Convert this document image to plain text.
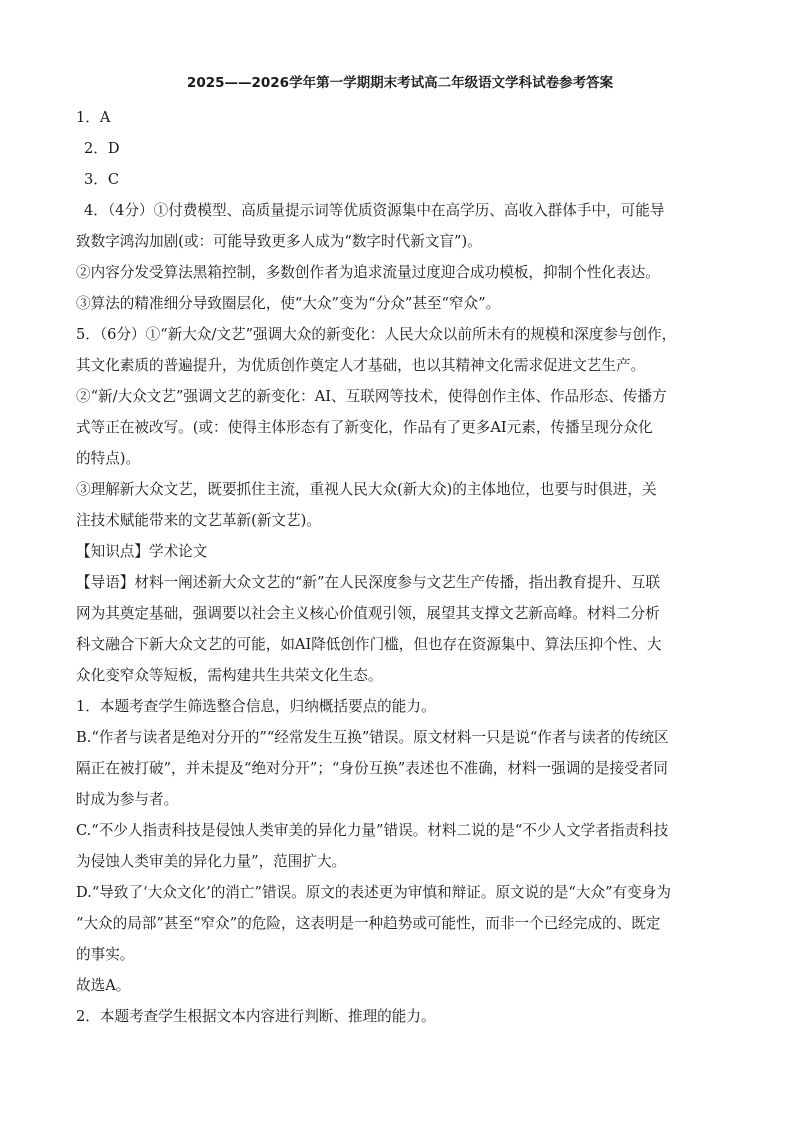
2025——2026学年第一学期期末考试高二年级语文学科试卷参考答案
1．A
2．D
3．C
4．（4分）①付费模型、高质量提示词等优质资源集中在高学历、高收入群体手中，可能导
致数字鸿沟加剧(或：可能导致更多人成为“数字时代新文盲”)。
②内容分发受算法黑箱控制，多数创作者为追求流量过度迎合成功模板，抑制个性化表达。
③算法的精准细分导致圈层化，使“大众”变为“分众”甚至“窄众”。
5．（6分）①“新大众/文艺”强调大众的新变化：人民大众以前所未有的规模和深度参与创作，
其文化素质的普遍提升，为优质创作奠定人才基础，也以其精神文化需求促进文艺生产。
②“新/大众文艺”强调文艺的新变化：AI、互联网等技术，使得创作主体、作品形态、传播方
式等正在被改写。(或：使得主体形态有了新变化，作品有了更多AI元素，传播呈现分众化
的特点)。
③理解新大众文艺，既要抓住主流，重视人民大众(新大众)的主体地位，也要与时俱进，关
注技术赋能带来的文艺革新(新文艺)。
【知识点】学术论文
【导语】材料一阐述新大众文艺的“新”在人民深度参与文艺生产传播，指出教育提升、互联
网为其奠定基础，强调要以社会主义核心价值观引领，展望其支撑文艺新高峰。材料二分析
科文融合下新大众文艺的可能，如AI降低创作门槛，但也存在资源集中、算法压抑个性、大
众化变窄众等短板，需构建共生共荣文化生态。
1．本题考查学生筛选整合信息，归纳概括要点的能力。
B.“作者与读者是绝对分开的”“经常发生互换”错误。原文材料一只是说“作者与读者的传统区
隔正在被打破”，并未提及“绝对分开”；“身份互换”表述也不准确，材料一强调的是接受者同
时成为参与者。
C.“不少人指责科技是侵蚀人类审美的异化力量”错误。材料二说的是“不少人文学者指责科技
为侵蚀人类审美的异化力量”，范围扩大。
D.“导致了‘大众文化’的消亡”错误。原文的表述更为审慎和辩证。原文说的是“大众”有变身为
“大众的局部”甚至“窄众”的危险，这表明是一种趋势或可能性，而非一个已经完成的、既定
的事实。
故选A。
2．本题考查学生根据文本内容进行判断、推理的能力。
